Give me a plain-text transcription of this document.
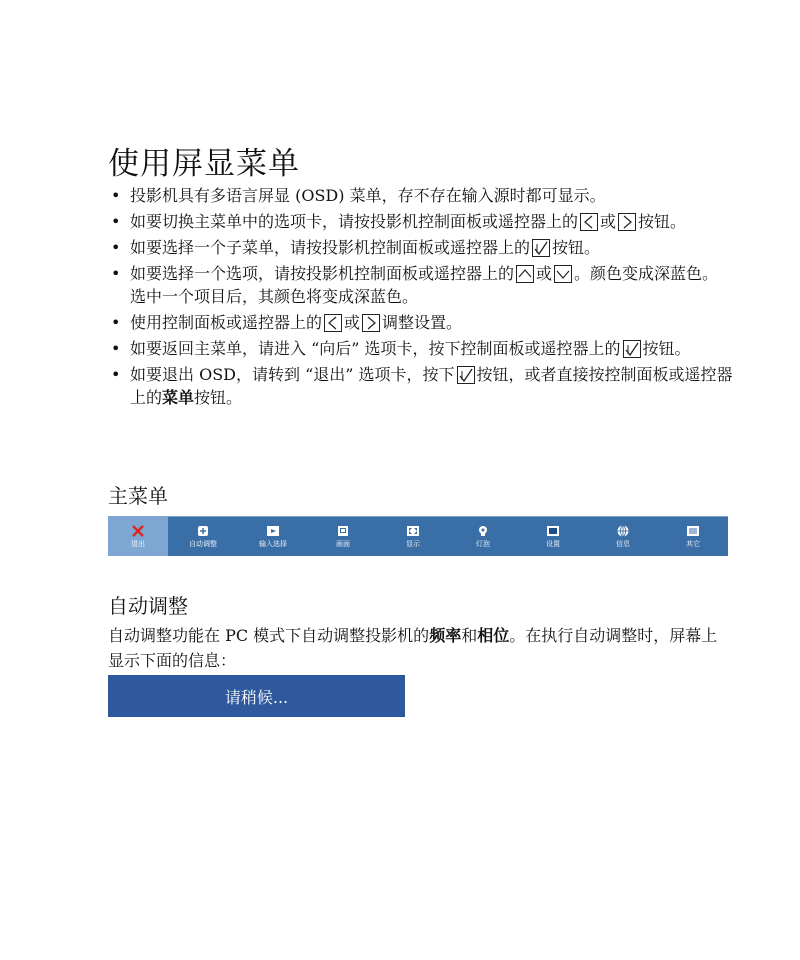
使用屏显菜单
• 投影机具有多语言屏显 (OSD) 菜单，存不存在输入源时都可显示。
• 如要切换主菜单中的选项卡，请按投影机控制面板或遥控器上的 或 按钮。
• 如要选择一个子菜单，请按投影机控制面板或遥控器上的 按钮。
• 如要选择一个选项，请按投影机控制面板或遥控器上的 或 。颜色变成深蓝色。选中一个项目后，其颜色将变成深蓝色。
• 使用控制面板或遥控器上的 或 调整设置。
• 如要返回主菜单，请进入 “向后” 选项卡，按下控制面板或遥控器上的 按钮。
• 如要退出 OSD，请转到 “退出” 选项卡，按下 按钮，或者直接按控制面板或遥控器上的菜单按钮。
主菜单
退出	自动调整	输入选择	画面	显示	灯泡	设置	信息	其它
自动调整

自动调整功能在 PC 模式下自动调整投影机的频率和相位。在执行自动调整时，屏幕上显示下面的信息：

请稍候...
